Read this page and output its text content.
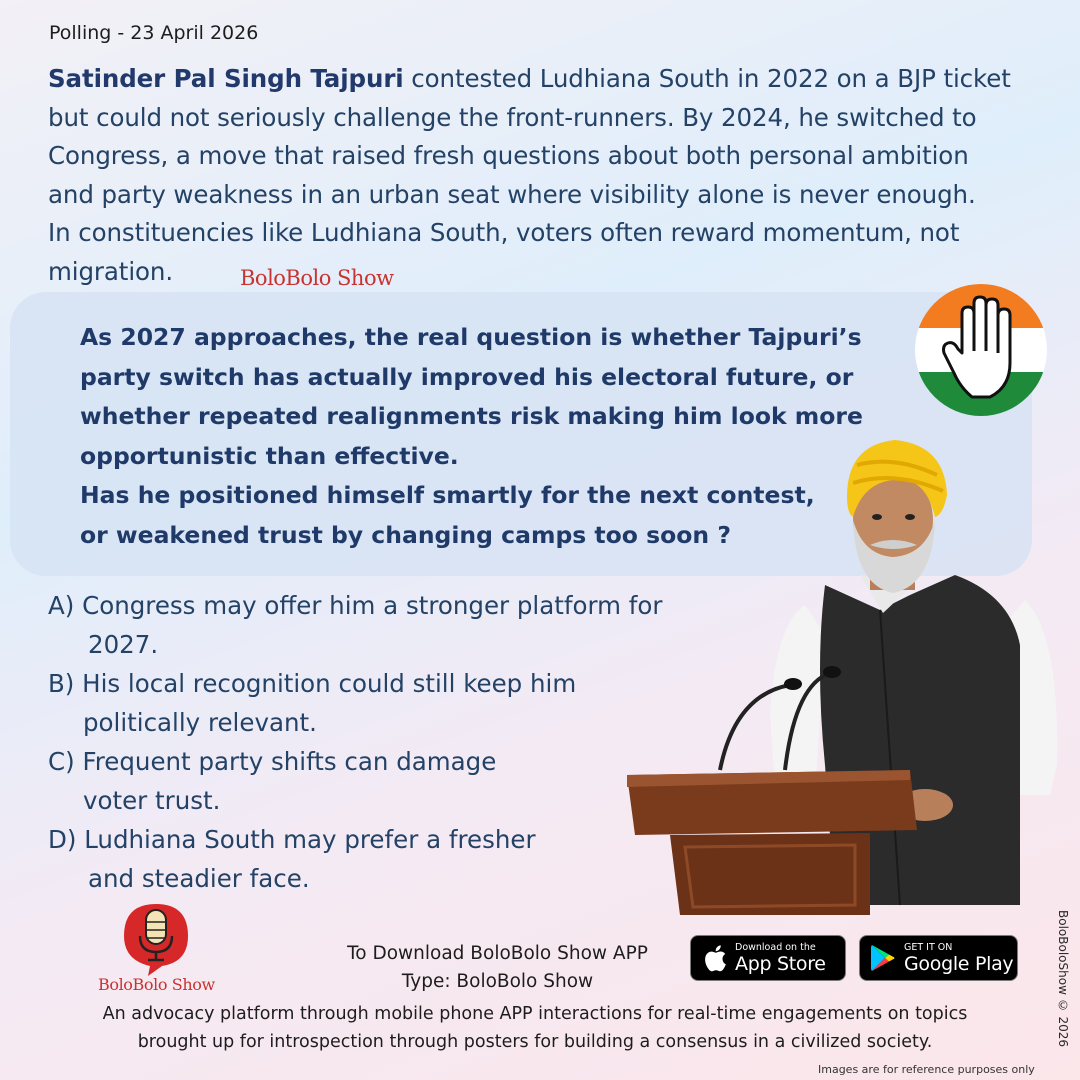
Polling - 23 April 2026
Satinder Pal Singh Tajpuri contested Ludhiana South in 2022 on a BJP ticket
but could not seriously challenge the front-runners. By 2024, he switched to
Congress, a move that raised fresh questions about both personal ambition
and party weakness in an urban seat where visibility alone is never enough.
In constituencies like Ludhiana South, voters often reward momentum, not
migration.	BoloBolo Show
As 2027 approaches, the real question is whether Tajpuri’s
party switch has actually improved his electoral future, or
whether repeated realignments risk making him look more
opportunistic than effective.
Has he positioned himself smartly for the next contest,
or weakened trust by changing camps too soon ?
BoloBolo Show
To Download BoloBolo Show APP
Type: BoloBolo Show
Download on the
App Store
GET IT ON
Google Play
An advocacy platform through mobile phone APP interactions for real-time engagements on topics
brought up for introspection through posters for building a consensus in a civilized society.	BoloBoloShow © 2026
Images are for reference purposes only
A) Congress may offer him a stronger platform for
2027.
B) His local recognition could still keep him
politically relevant.
C) Frequent party shifts can damage
voter trust.
D) Ludhiana South may prefer a fresher
and steadier face.
